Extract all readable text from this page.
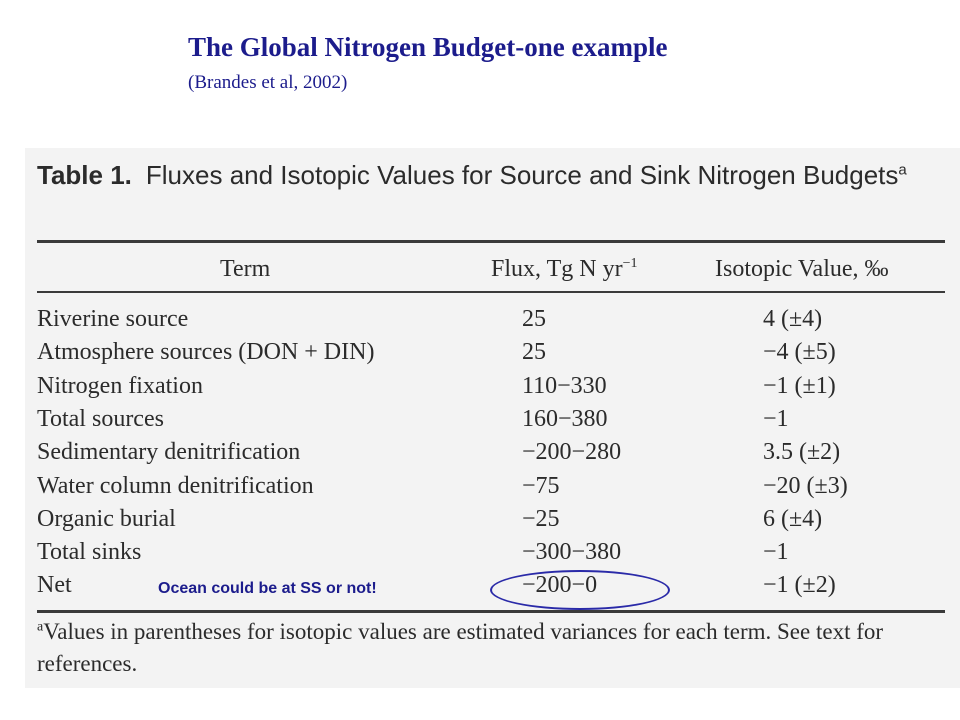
The Global Nitrogen Budget-one example
(Brandes et al, 2002)
Table 1. Fluxes and Isotopic Values for Source and Sink Nitrogen Budgets$^a$
Term	Flux, Tg N $yr^{-1}$	Isotopic Value, ‰
Riverine source	25	4 (±4)
Atmosphere sources (DON + DIN)	25	−4 (±5)
Nitrogen fixation	110−330	−1 (±1)
Total sources	160−380	−1
Sedimentary denitrification	−200−280	3.5 (±2)
Water column denitrification	−75	−20 (±3)
Organic burial	−25	6 (±4)
Total sinks	−300−380	−1
Net	−200−0	−1 (±2)
$^a$Values in parentheses for isotopic values are estimated variances for each term. See text for references.
Ocean could be at SS or not!
